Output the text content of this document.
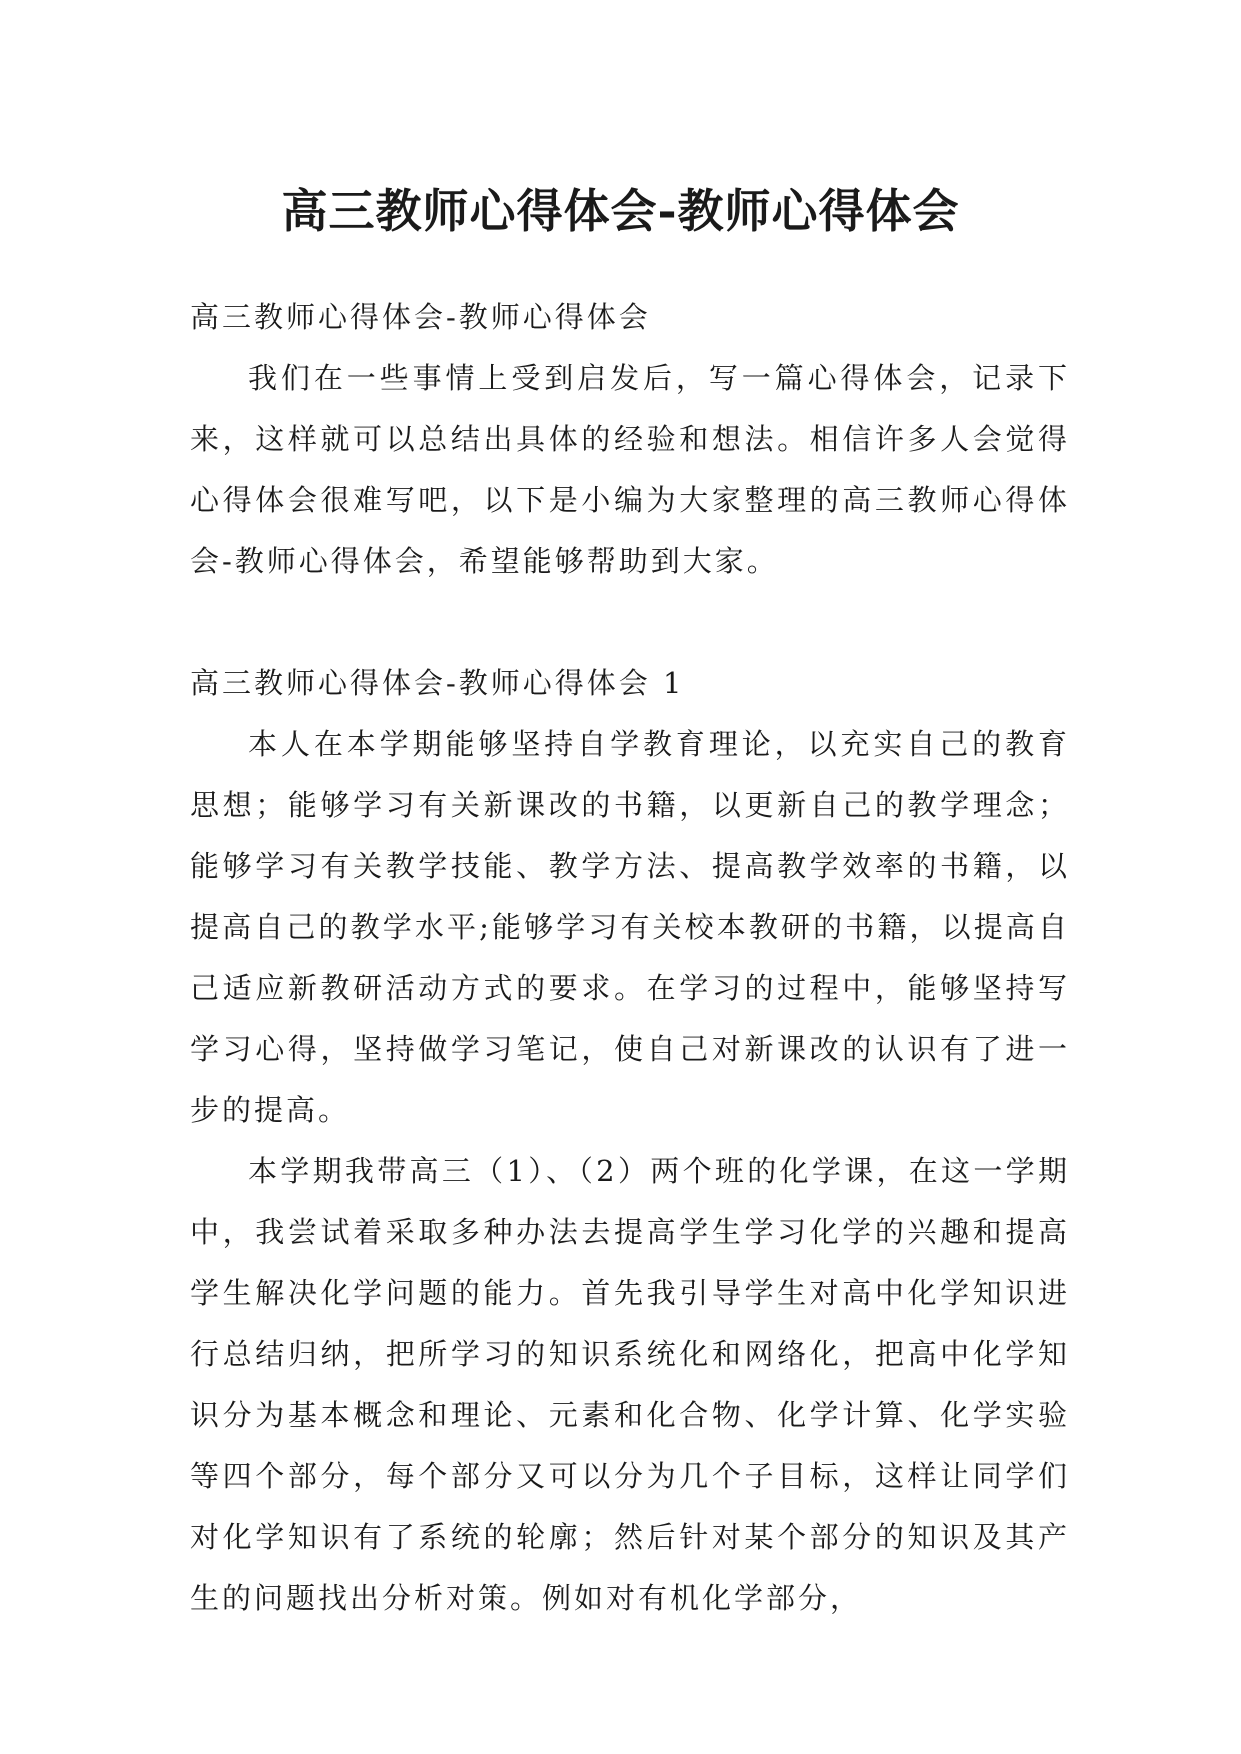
高三教师心得体会-教师心得体会

高三教师心得体会-教师心得体会

我们在一些事情上受到启发后，写一篇心得体会，记录下来，这样就可以总结出具体的经验和想法。相信许多人会觉得心得体会很难写吧，以下是小编为大家整理的高三教师心得体会-教师心得体会，希望能够帮助到大家。

高三教师心得体会-教师心得体会 1

本人在本学期能够坚持自学教育理论，以充实自己的教育思想；能够学习有关新课改的书籍，以更新自己的教学理念；能够学习有关教学技能、教学方法、提高教学效率的书籍，以提高自己的教学水平;能够学习有关校本教研的书籍，以提高自己适应新教研活动方式的要求。在学习的过程中，能够坚持写学习心得，坚持做学习笔记，使自己对新课改的认识有了进一步的提高。

本学期我带高三（1）、（2）两个班的化学课，在这一学期中，我尝试着采取多种办法去提高学生学习化学的兴趣和提高学生解决化学问题的能力。首先我引导学生对高中化学知识进行总结归纳，把所学习的知识系统化和网络化，把高中化学知识分为基本概念和理论、元素和化合物、化学计算、化学实验等四个部分，每个部分又可以分为几个子目标，这样让同学们对化学知识有了系统的轮廓；然后针对某个部分的知识及其产生的问题找出分析对策。例如对有机化学部分，
